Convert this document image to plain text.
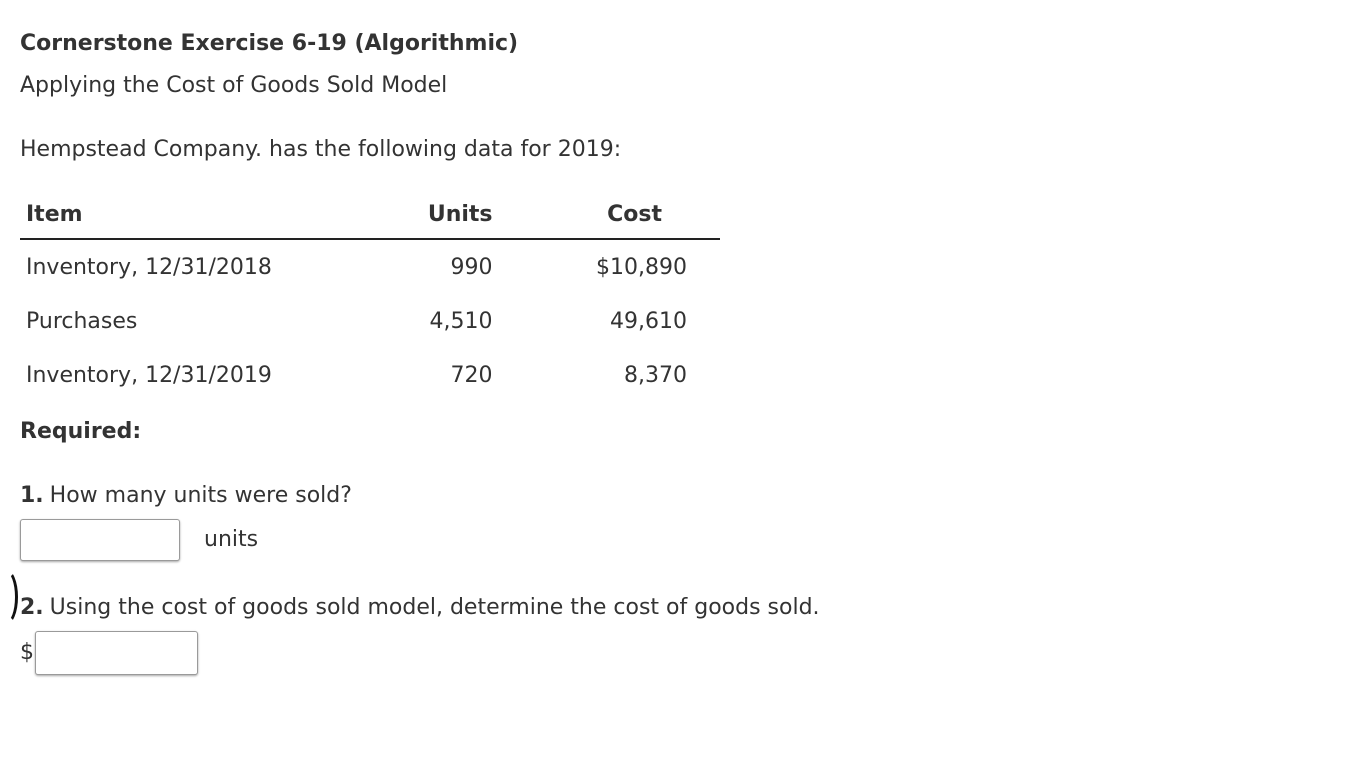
Cornerstone Exercise 6-19 (Algorithmic)
Applying the Cost of Goods Sold Model
Hempstead Company. has the following data for 2019:
Item	Units	Cost
Inventory, 12/31/2018	990	$10,890
Purchases	4,510	49,610
Inventory, 12/31/2019	720	8,370
Required:
1. How many units were sold?
units
2. Using the cost of goods sold model, determine the cost of goods sold.
$
